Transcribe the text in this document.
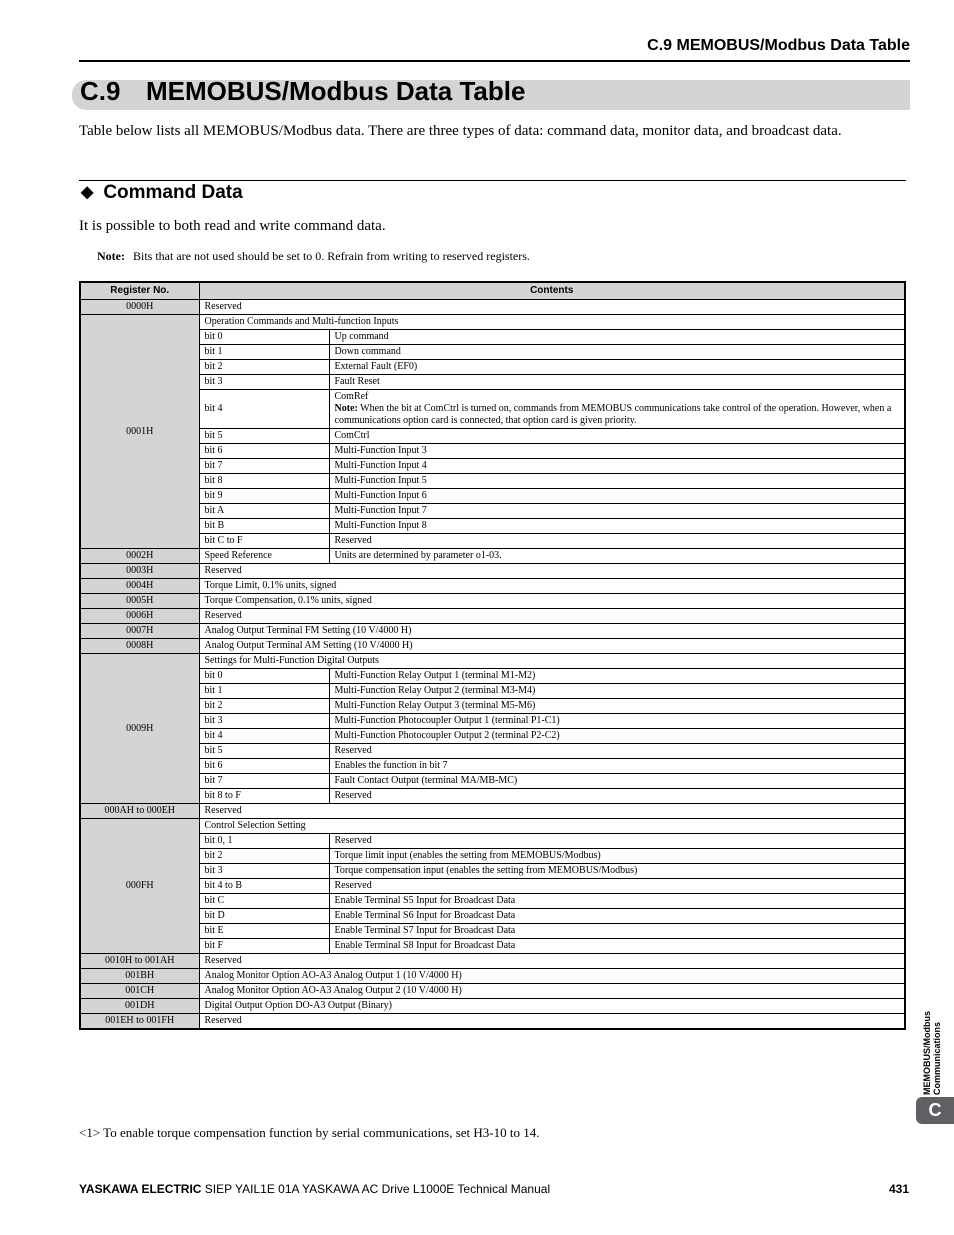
C.9 MEMOBUS/Modbus Data Table
C.9 MEMOBUS/Modbus Data Table
Table below lists all MEMOBUS/Modbus data. There are three types of data: command data, monitor data, and broadcast data.
◆ Command Data
It is possible to both read and write command data.
Note: Bits that are not used should be set to 0. Refrain from writing to reserved registers.
Register No.	Contents	
0000H	Reserved	
0001H	Operation Commands and Multi-function Inputs	
	bit 0	Up command
	bit 1	Down command
	bit 2	External Fault (EF0)
	bit 3	Fault Reset
	bit 4	ComRef
Note: When the bit at ComCtrl is turned on, commands from MEMOBUS communications take control of the operation. However, when a communications option card is connected, that option card is given priority.

	bit 5	ComCtrl
	bit 6	Multi-Function Input 3
	bit 7	Multi-Function Input 4
	bit 8	Multi-Function Input 5
	bit 9	Multi-Function Input 6
	bit A	Multi-Function Input 7
	bit B	Multi-Function Input 8
	bit C to F	Reserved
0002H	Speed Reference	Units are determined by parameter o1-03.
0003H	Reserved	
0004H	Torque Limit, 0.1% units, signed	
0005H	Torque Compensation, 0.1% units, signed	
0006H	Reserved	
0007H	Analog Output Terminal FM Setting (10 V/4000 H)	
0008H	Analog Output Terminal AM Setting (10 V/4000 H)	
0009H	Settings for Multi-Function Digital Outputs	
	bit 0	Multi-Function Relay Output 1 (terminal M1-M2)
	bit 1	Multi-Function Relay Output 2 (terminal M3-M4)
	bit 2	Multi-Function Relay Output 3 (terminal M5-M6)
	bit 3	Multi-Function Photocoupler Output 1 (terminal P1-C1)
	bit 4	Multi-Function Photocoupler Output 2 (terminal P2-C2)
	bit 5	Reserved
	bit 6	Enables the function in bit 7
	bit 7	Fault Contact Output (terminal MA/MB-MC)
	bit 8 to F	Reserved
000AH to 000EH	Reserved	
000FH	Control Selection Setting	
	bit 0, 1	Reserved
	bit 2	Torque limit input (enables the setting from MEMOBUS/Modbus)
	bit 3	Torque compensation input (enables the setting from MEMOBUS/Modbus)
	bit 4 to B	Reserved
	bit C	Enable Terminal S5 Input for Broadcast Data
	bit D	Enable Terminal S6 Input for Broadcast Data
	bit E	Enable Terminal S7 Input for Broadcast Data
	bit F	Enable Terminal S8 Input for Broadcast Data
0010H to 001AH	Reserved	
001BH	Analog Monitor Option AO-A3 Analog Output 1 (10 V/4000 H)	
001CH	Analog Monitor Option AO-A3 Analog Output 2 (10 V/4000 H)	
001DH	Digital Output Option DO-A3 Output (Binary)	
001EH to 001FH	Reserved	
<1> To enable torque compensation function by serial communications, set H3-10 to 14.
MEMOBUS/Modbus
Communications
C
YASKAWA ELECTRIC SIEP YAIL1E 01A YASKAWA AC Drive L1000E Technical Manual	431
